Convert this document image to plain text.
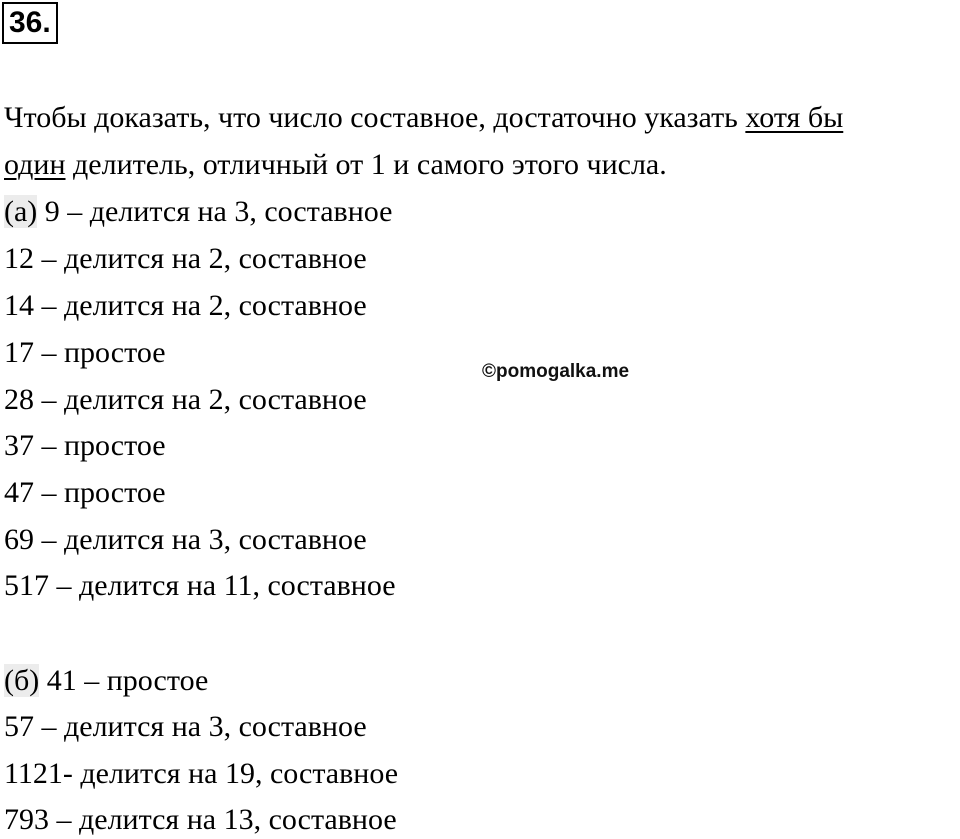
36.
Чтобы доказать, что число составное, достаточно указать хотя бы
один делитель, отличный от 1 и самого этого числа.
(а) 9 – делится на 3, составное
12 – делится на 2, составное
14 – делится на 2, составное
17 – простое
28 – делится на 2, составное
37 – простое
47 – простое
69 – делится на 3, составное
517 – делится на 11, составное
(б) 41 – простое
57 – делится на 3, составное
1121- делится на 19, составное
793 – делится на 13, составное
©pomogalka.me
